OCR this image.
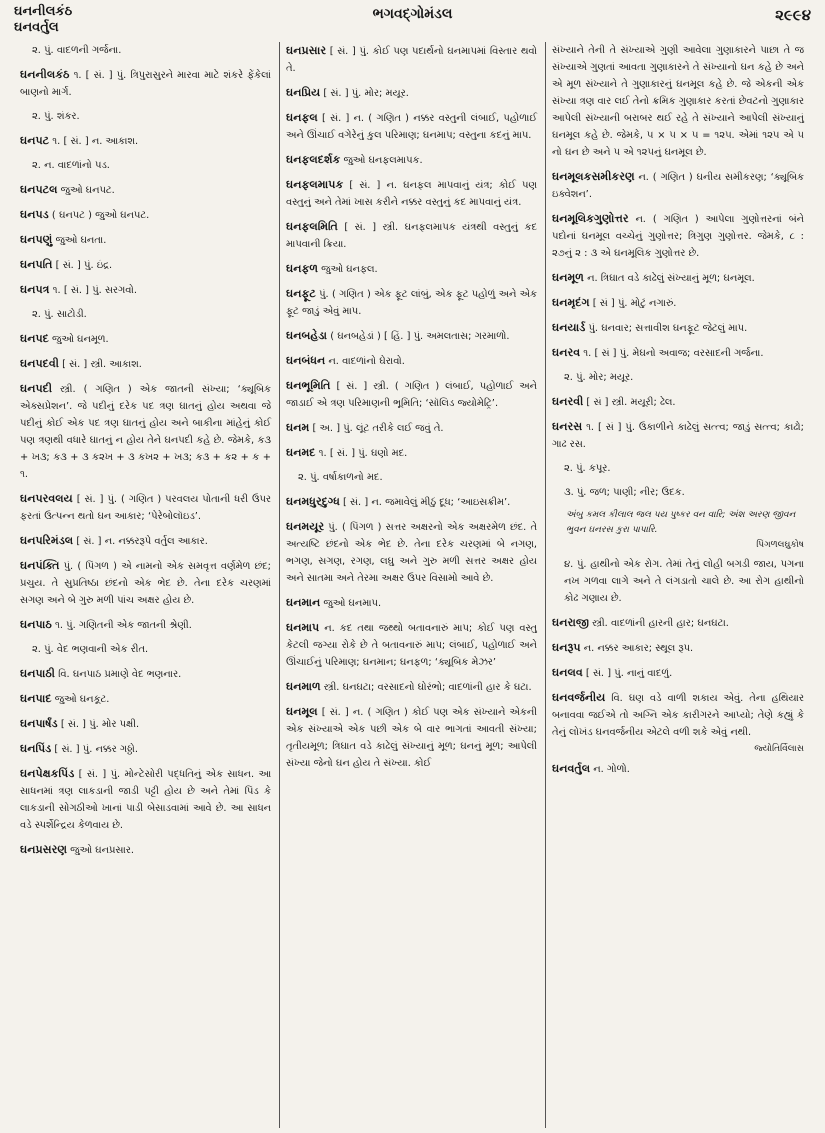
ઘનનીલકંઠ
ઘનવર્તુલ
ભગવદ્ગોમંડલ	૨૯૯૪
૨. પું. વાદળની ગર્જના.
ઘનનીલકંઠ ૧. [ સં. ] પું. ત્રિપુરાસુરને મારવા માટે શંકરે ફેંકેલાં બાણનો માર્ગ.
૨. પું. શંકર.
ઘનપટ ૧. [ સં. ] ન. આકાશ.
૨. ન. વાદળાંનો પડ.
ઘનપટલ જુઓ ઘનપટ.
ઘનપડ ( ઘનપટ ) જુઓ ઘનપટ.
ઘનપણું જુઓ ઘનતા.
ઘનપતિ [ સં. ] પું. ઇંદ્ર.
ઘનપત્ર ૧. [ સં. ] પું. સરગવો.
૨. પું. સાટોડી.
ઘનપદ જુઓ ઘનમૂળ.
ઘનપદવી [ સં. ] સ્ત્રી. આકાશ.
ઘનપદી સ્ત્રી. ( ગણિત ) એક જાતની સંખ્યા; ‘ક્યૂબિક એક્સપ્રેશન’. જે પદીનું દરેક પદ ત્રણ ઘાતનું હોય અથવા જે પદીનું કોઈ એક પદ ત્રણ ઘાતનું હોય અને બાકીના માંહેનું કોઈ પણ ત્રણથી વધારે ઘાતનું ન હોય તેને ઘનપદી કહે છે. જેમકે, ક૩ + ખ૩; ક૩ + ૩ ક૨ખ + ૩ કખ૨ + ખ૩; ક૩ + ક૨ + ક + ૧.
ઘનપરવલય [ સં. ] પું. ( ગણિત ) પરવલય પોતાની ધરી ઉપર ફરતાં ઉત્પન્ન થતો ઘન આકાર; ‘પેરેબોલૉઇડ’.
ઘનપરિમંડલ [ સં. ] ન. નક્કરરૂપે વર્તુલ આકાર.
ઘનપંક્તિ પું. ( પિંગળ ) એ નામનો એક સમવૃત્ત વર્ણમેળ છંદ; પ્રચુય. તે સુપ્રતિષ્ઠા છંદનો એક ભેદ છે. તેના દરેક ચરણમાં સગણ અને બે ગુરુ મળી પાંચ અક્ષર હોય છે.
ઘનપાઠ ૧. પું. ગણિતની એક જાતની શ્રેણી.
૨. પું. વેદ ભણવાની એક રીત.
ઘનપાઠી વિ. ઘનપાઠ પ્રમાણે વેદ ભણનાર.
ઘનપાદ જુઓ ઘનકૂટ.
ઘનપાર્ષંડ [ સં. ] પું. મોર પક્ષી.
ઘનપિંડ [ સં. ] પું. નક્કર ગઠ્ઠો.
ઘનપેક્ષકપિંડ [ સં. ] પું. મોન્ટેસોરી પદ્ધતિનું એક સાધન. આ સાધનમાં ત્રણ લાકડાની જાડી પટ્ટી હોય છે અને તેમાં પિંડ કે લાકડાની સોગઠીઓ ખાનાં પાડી બેસાડવામાં આવે છે. આ સાધન વડે સ્પર્શેન્દ્રિય કેળવાય છે.
ઘનપ્રસરણ જુઓ ઘનપ્રસાર.
ઘનપ્રસાર [ સં. ] પું. કોઈ પણ પદાર્થનો ઘનમાપમાં વિસ્તાર થવો તે.
ઘનપ્રિય [ સં. ] પું. મોર; મયૂર.
ઘનફલ [ સં. ] ન. ( ગણિત ) નક્કર વસ્તુની લંબાઈ, પહોળાઈ અને ઊંચાઈ વગેરેનું કુલ પરિમાણ; ઘનમાપ; વસ્તુના કદનું માપ.
ઘનફલદર્શક જુઓ ઘનફલમાપક.
ઘનફલમાપક [ સં. ] ન. ઘનફલ માપવાનું યંત્ર; કોઈ પણ વસ્તુનું અને તેમાં ખાસ કરીને નક્કર વસ્તુનું કદ માપવાનું યંત્ર.
ઘનફલમિતિ [ સં. ] સ્ત્રી. ઘનફલમાપક યંત્રથી વસ્તુનું કદ માપવાની ક્રિયા.
ઘનફળ જુઓ ઘનફલ.
ઘનફૂટ પું. ( ગણિત ) એક ફૂટ લાંબું, એક ફૂટ પહોળું અને એક ફૂટ જાડું એવું માપ.
ઘનબહેડા ( ઘનબહેડાં ) [ હિં. ] પું. અમલતાસ; ગરમાળો.
ઘનબંધન ન. વાદળાંનો ઘેરાવો.
ઘનભૂમિતિ [ સં. ] સ્ત્રી. ( ગણિત ) લંબાઈ, પહોળાઈ અને જાડાઈ એ ત્રણ પરિમાણની ભૂમિતિ; ‘સૉલિડ જ્યોમેટ્રિ’.
ઘનમ [ અ. ] પું. લૂંટ તરીકે લઈ જવું તે.
ઘનમદ ૧. [ સં. ] પું. ઘણો મદ.
૨. પું. વર્ષાકાળનો મદ.
ઘનમધુરદુગ્ધ [ સં. ] ન. જમાવેલું મીઠું દૂધ; ‘આઇસક્રીમ’.
ઘનમયૂર પું. ( પિંગળ ) સત્તર અક્ષરનો એક અક્ષરમેળ છંદ. તે અત્યષ્ટિ છંદનો એક ભેદ છે. તેના દરેક ચરણમાં બે નગણ, ભગણ, સગણ, રગણ, લઘુ અને ગુરુ મળી સત્તર અક્ષર હોય અને સાતમા અને તેરમા અક્ષર ઉપર વિસામો આવે છે.
ઘનમાન જુઓ ઘનમાપ.
ઘનમાપ ન. કદ તથા જથ્થો બતાવનારું માપ; કોઈ પણ વસ્તુ કેટલી જગ્યા રોકે છે તે બતાવનારું માપ; લંબાઈ, પહોળાઈ અને ઊંચાઈનું પરિમાણ; ઘનમાન; ઘનફળ; ‘ક્યૂબિક મેઝર’
ઘનમાળ સ્ત્રી. ઘનઘટા; વરસાદનો ઘોરંભો; વાદળાંની હાર કે ઘટા.
ઘનમૂલ [ સં. ] ન. ( ગણિત ) કોઈ પણ એક સંખ્યાને એકની એક સંખ્યાએ એક પછી એક બે વાર ભાગતાં આવતી સંખ્યા; તૃતીયમૂળ; ત્રિઘાત વડે કાઢેલું સંખ્યાનું મૂળ; ઘનનું મૂળ; આપેલી સંખ્યા જેનો ઘન હોય તે સંખ્યા. કોઈ
સંખ્યાને તેની તે સંખ્યાએ ગુણી આવેલા ગુણાકારને પાછા તે જ સંખ્યાએ ગુણતાં આવતા ગુણાકારને તે સંખ્યાનો ઘન કહે છે અને એ મૂળ સંખ્યાને તે ગુણાકારનું ઘનમૂલ કહે છે. જે એકની એક સંખ્યા ત્રણ વાર લઈ તેનો ક્રમિક ગુણાકાર કરતાં છેવટનો ગુણાકાર આપેલી સંખ્યાની બરાબર થઈ રહે તે સંખ્યાને આપેલી સંખ્યાનું ઘનમૂલ કહે છે. જેમકે, ૫ × ૫ × ૫ = ૧૨૫. એમાં ૧૨૫ એ ૫ નો ઘન છે અને ૫ એ ૧૨૫નું ઘનમૂલ છે.
ઘનમૂલકસમીકરણ ન. ( ગણિત ) ઘનીય સમીકરણ; ‘ક્યૂબિક ઇક્વેશન’.
ઘનમૂલિકગુણોત્તર ન. ( ગણિત ) આપેલા ગુણોત્તરનાં બંને પદોનાં ઘનમૂલ વચ્ચેનું ગુણોત્તર; ત્રિગુણ ગુણોત્તર. જેમકે, ૮ : ૨૭નું ૨ : ૩ એ ઘનમૂલિક ગુણોત્તર છે.
ઘનમૂળ ન. ત્રિઘાત વડે કાઢેલું સંખ્યાનું મૂળ; ઘનમૂલ.
ઘનમૃદંગ [ સં ] પું. મોટું નગારું.
ઘનયાર્ડ પું. ઘનવાર; સત્તાવીશ ઘનફૂટ જેટલું માપ.
ઘનરવ ૧. [ સં ] પું. મેઘનો અવાજ; વરસાદની ગર્જના.
૨. પું. મોર; મયૂર.
ઘનરવી [ સં ] સ્ત્રી. મયૂરી; ઢેલ.
ઘનરસ ૧. [ સં ] પું. ઉકાળીને કાઢેલું સત્ત્વ; જાડું સત્ત્વ; કાઢો; ગાઢ રસ.
૨. પું. કપૂર.
૩. પું. જળ; પાણી; નીર; ઉદક.
અંબુ કમલ કીલાલ જલ પય પુષ્કર વન વારિ; અંશ અરણ જીવન ભુવન ઘનરસ કુરા પાપારિ.
પિંગળલઘુકોષ
૪. પું. હાથીનો એક રોગ. તેમાં તેનું લોહી બગડી જાય, પગના નખ ગળવા લાગે અને તે લંગડાતો ચાલે છે. આ રોગ હાથીનો કોઢ ગણાય છે.
ઘનરાજી સ્ત્રી. વાદળાંની હારની હાર; ઘનઘટા.
ઘનરૂપ ન. નક્કર આકાર; સ્થૂલ રૂપ.
ઘનલવ [ સં. ] પું. નાનું વાદળું.
ઘનવર્જનીય વિ. ઘણ વડે વાળી શકાય એવું. તેના હથિયાર બનાવવા જઈએ તો અગ્નિ એક કારીગરને આપ્યો; તેણે કહ્યું કે તેનું લોખંડ ઘનવર્જનીય એટલે વળી શકે એવું નથી.
જ્યોતિર્વિલાસ
ઘનવર્તુલ ન. ગોળો.
